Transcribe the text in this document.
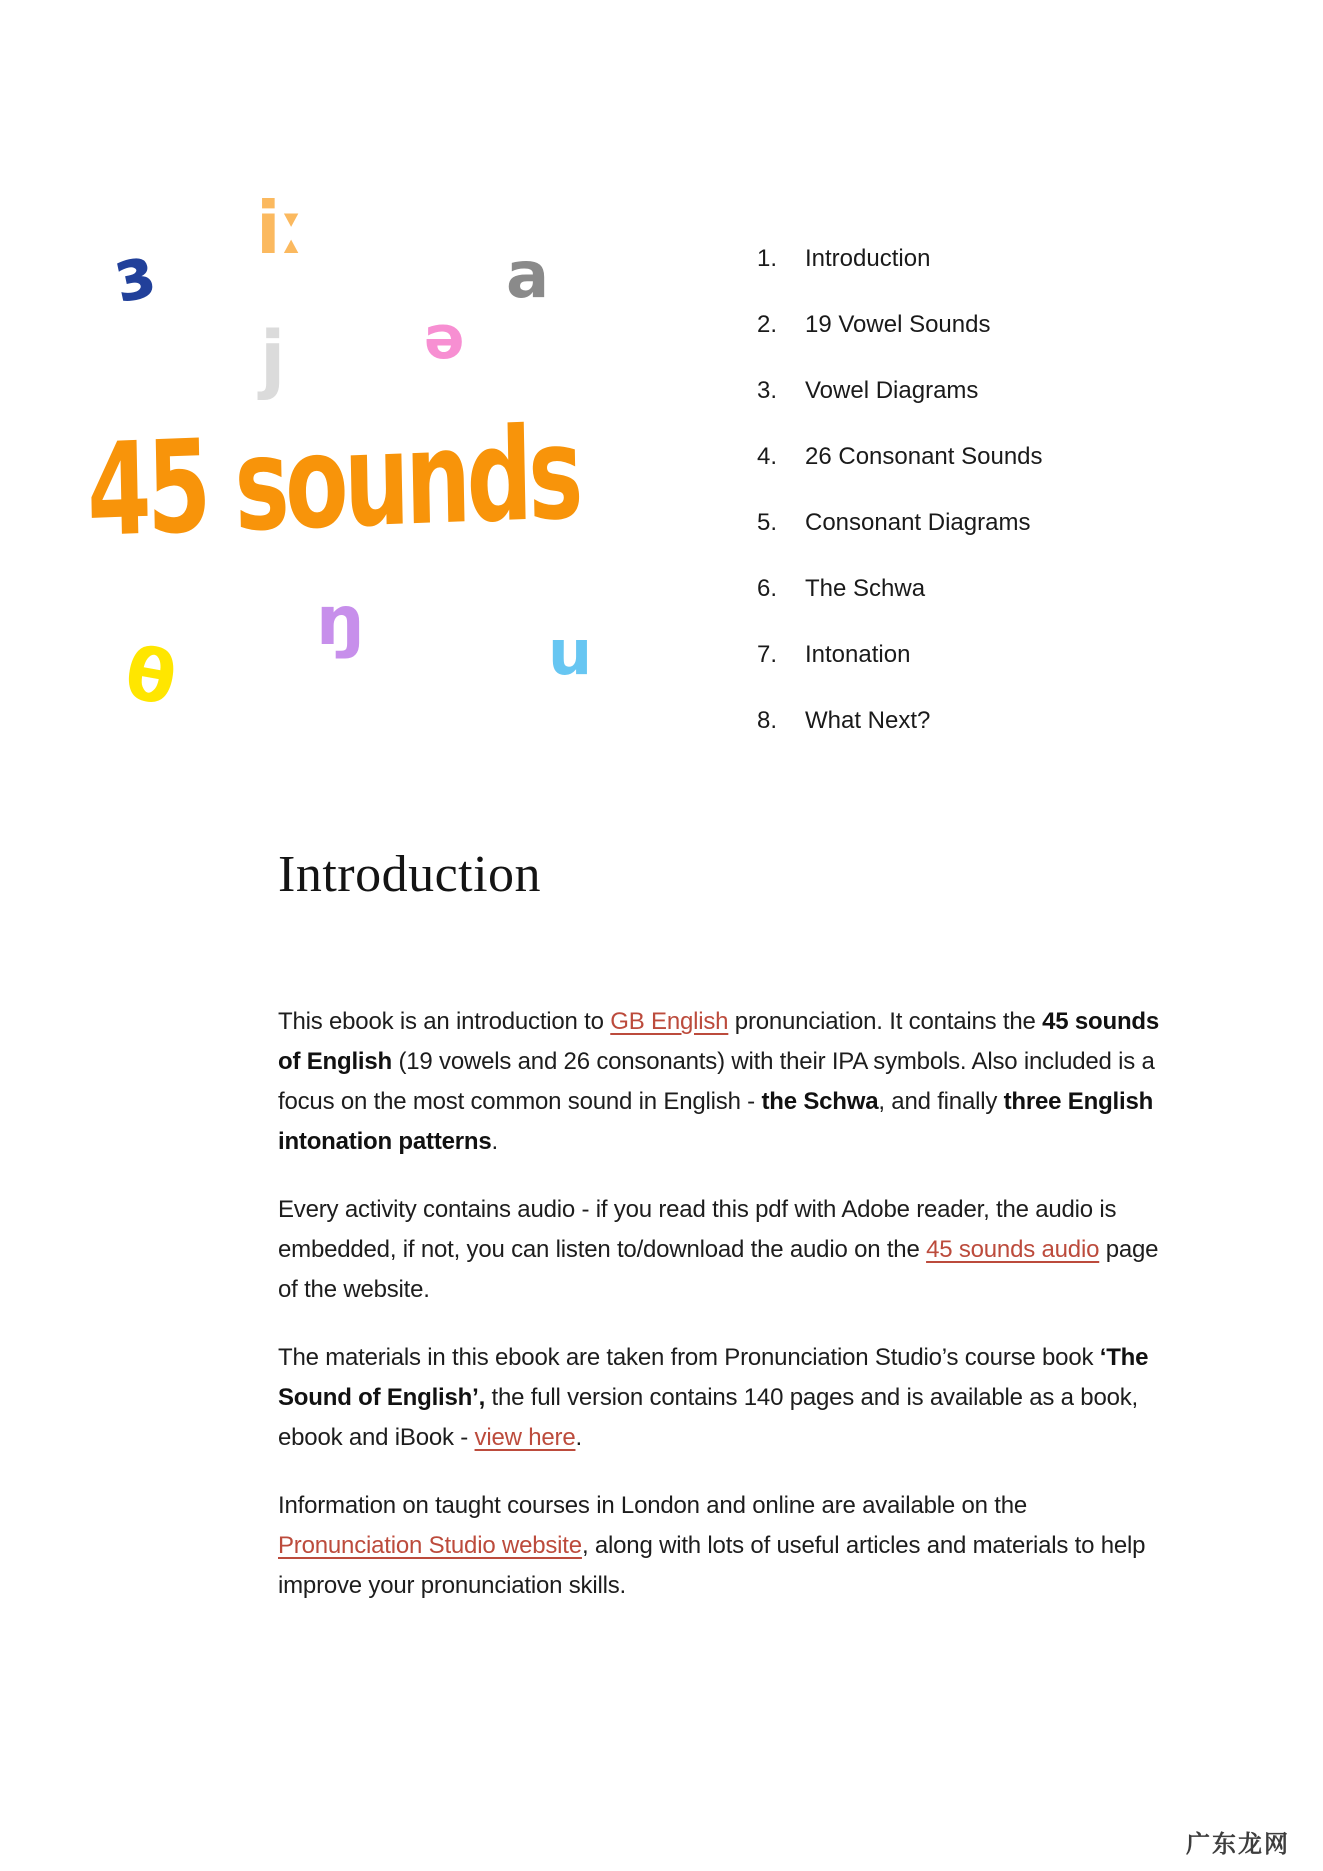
ɜ
iː
a
ə
j
ŋ
θ	u
45 sounds
1.	Introduction
2.	19 Vowel Sounds
3.	Vowel Diagrams
4.	26 Consonant Sounds
5.	Consonant Diagrams
6.	The Schwa
7.	Intonation
8.	What Next?
Introduction

This ebook is an introduction to GB English pronunciation. It contains the 45 sounds of English (19 vowels and 26 consonants) with their IPA symbols. Also included is a focus on the most common sound in English - the Schwa, and finally three English intonation patterns.

Every activity contains audio - if you read this pdf with Adobe reader, the audio is embedded, if not, you can listen to/download the audio on the 45 sounds audio page of the website.

The materials in this ebook are taken from Pronunciation Studio’s course book ‘The Sound of English’, the full version contains 140 pages and is available as a book, ebook and iBook - view here.

Information on taught courses in London and online are available on the Pronunciation Studio website, along with lots of useful articles and materials to help improve your pronunciation skills.

广东龙网
